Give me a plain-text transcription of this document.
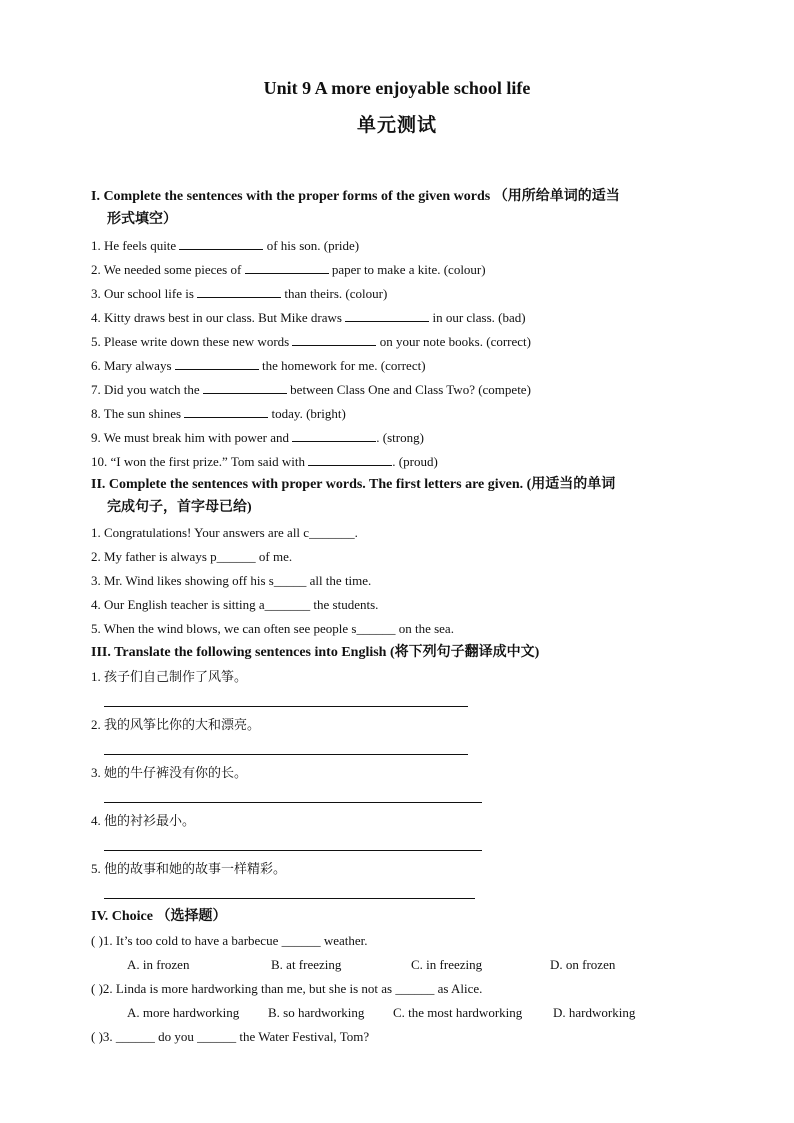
Unit 9 A more enjoyable school life
单元测试
I. Complete the sentences with the proper forms of the given words （用所给单词的适当
形式填空）
1. He feels quite	of his son. (pride)
2. We needed some pieces of	paper to make a kite. (colour)
3. Our school life is	than theirs. (colour)
4. Kitty draws best in our class. But Mike draws	in our class. (bad)
5. Please write down these new words	on your note books. (correct)
6. Mary always	the homework for me. (correct)
7. Did you watch the	between Class One and Class Two? (compete)
8. The sun shines	today. (bright)
9. We must break him with power and	. (strong)
10. “I won the first prize.” Tom said with	. (proud)
II. Complete the sentences with proper words. The first letters are given. (用适当的单词
完成句子，首字母已给)
1. Congratulations! Your answers are all c_______.
2. My father is always p______ of me.
3. Mr. Wind likes showing off his s_____ all the time.
4. Our English teacher is sitting a_______ the students.
5. When the wind blows, we can often see people s______ on the sea.
III. Translate the following sentences into English (将下列句子翻译成中文)
1. 孩子们自己制作了风筝。
2. 我的风筝比你的大和漂亮。
3. 她的牛仔裤没有你的长。
4. 他的衬衫最小。
5. 他的故事和她的故事一样精彩。
IV. Choice （选择题）
( )1. It’s too cold to have a barbecue ______ weather.
A. in frozen	B. at freezing	C. in freezing	D. on frozen
( )2. Linda is more hardworking than me, but she is not as ______ as Alice.
A. more hardworking B. so hardworking C. the most hardworking D. hardworking
( )3. ______ do you ______ the Water Festival, Tom?
